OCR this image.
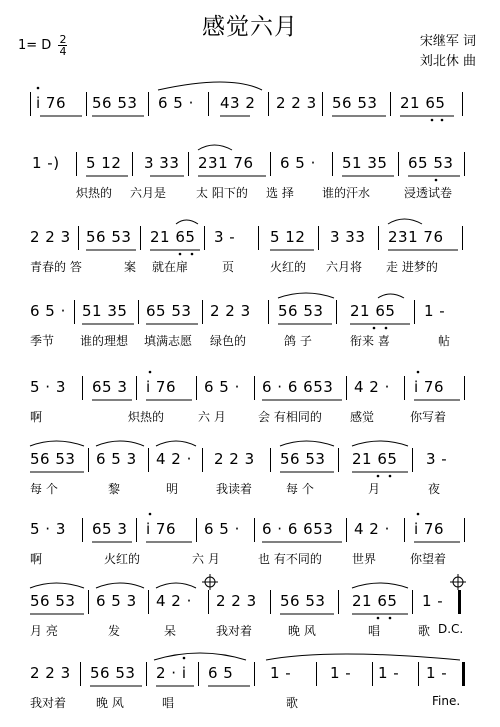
感觉六月
1= D $\frac{2}{4}$	宋继军 词
刘北休 曲
i 76 56 53 6 5 · 43 2 2 2 3 56 53 21 65
1 -) 5 12 3 33 231 76 6 5 · 51 35 65 53
炽热的 六月是 太 阳下的 选 择 谁的汗水	浸透试卷
2 2 3 56 53 21 65 3 - 5 12 3 33 231 76
青春的 答	案 就在扉	页	火红的 六月将 走 进梦的
6 5 · 51 35 65 53 2 2 3 56 53 21 65 1 -
季节 谁的理想 填满志愿 绿色的	鸽 子	衔来 喜	帖
5 · 3 65 3 i 76 6 5 · 6 · 6 653 4 2 · i 76
啊	炽热的	六 月	会 有相同的 感觉	你写着
56 53 6 5 3 4 2 · 2 2 3 56 53 21 65 3 -
每 个	黎	明	我读着	每 个	月	夜
5 · 3 65 3 i 76 6 5 · 6 · 6 653 4 2 · i 76
啊	火红的	六 月	也 有不同的	世界	你望着
56 53 6 5 3 4 2 · 2 2 3 56 53 21 65 1 -
月 亮	发	呆	我对着	晚 风	唱	歌 D.C.
2 2 3 56 53 2 · i 6 5 1 -	1 - 1 - 1 -
我对着 晚 风	唱	歌	Fine.
